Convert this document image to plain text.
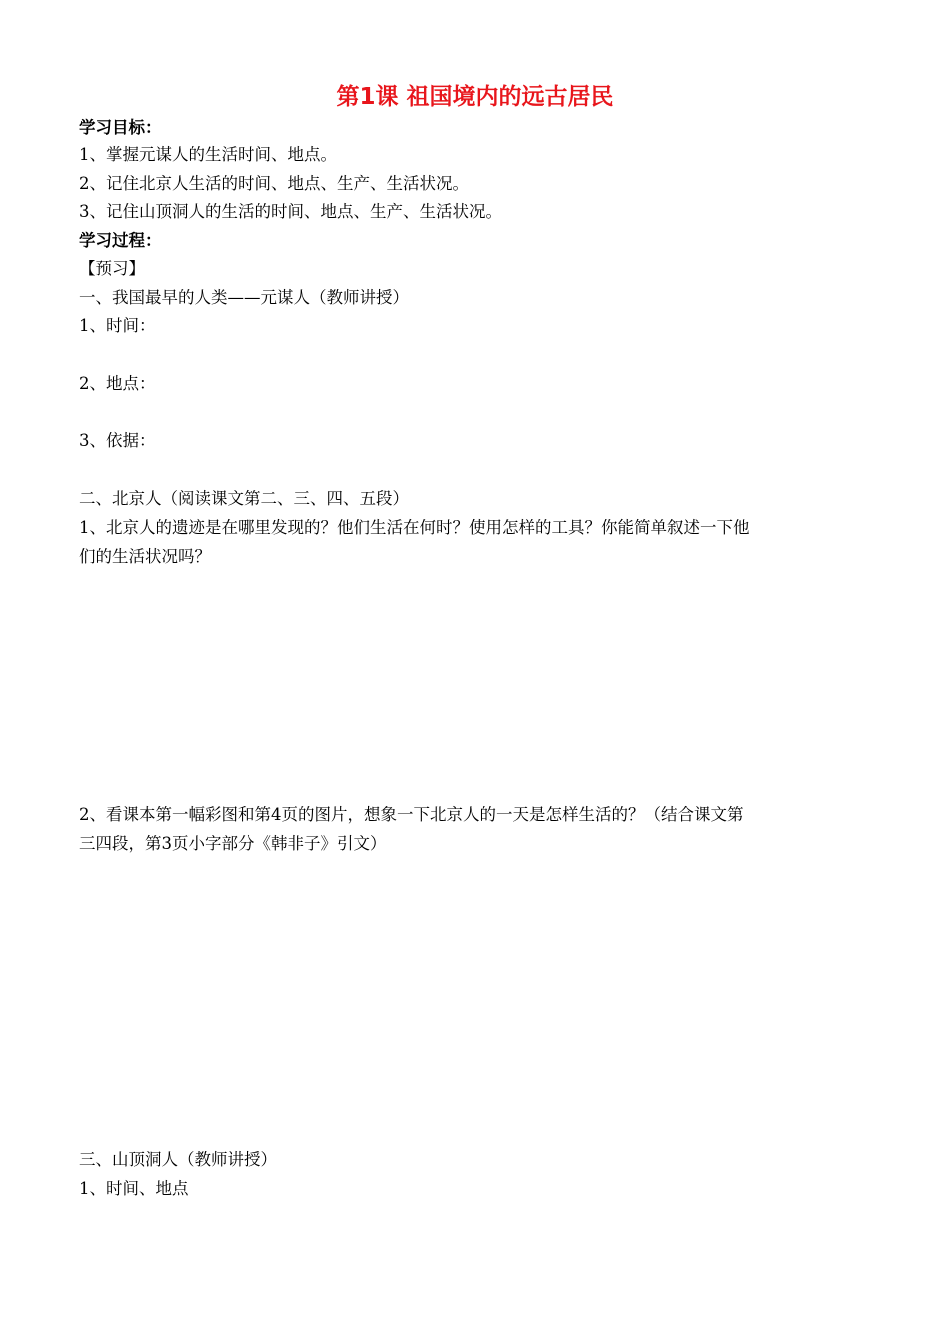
第1课 祖国境内的远古居民
学习目标：
1、掌握元谋人的生活时间、地点。
2、记住北京人生活的时间、地点、生产、生活状况。
3、记住山顶洞人的生活的时间、地点、生产、生活状况。
学习过程：
【预习】
一、我国最早的人类——元谋人（教师讲授）
1、时间：
2、地点：
3、依据：
二、北京人（阅读课文第二、三、四、五段）
1、北京人的遗迹是在哪里发现的？他们生活在何时？使用怎样的工具？你能简单叙述一下他
们的生活状况吗？
2、看课本第一幅彩图和第4页的图片，想象一下北京人的一天是怎样生活的？（结合课文第
三四段，第3页小字部分《韩非子》引文）
三、山顶洞人（教师讲授）
1、时间、地点
